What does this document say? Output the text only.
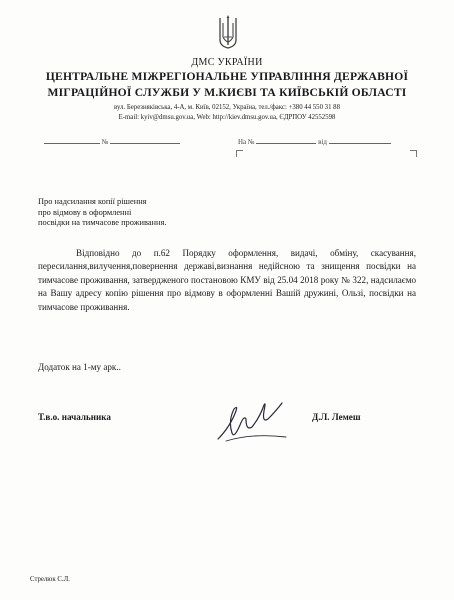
ДМС УКРАЇНИ
ЦЕНТРАЛЬНЕ МІЖРЕГІОНАЛЬНЕ УПРАВЛІННЯ ДЕРЖАВНОЇ
МІГРАЦІЙНОЇ СЛУЖБИ У М.КИЄВІ ТА КИЇВСЬКІЙ ОБЛАСТІ
вул. Березняківська, 4-А, м. Київ, 02152, Україна, тел./факс: +380 44 550 31 88
E-mail: kyiv@dmsu.gov.ua, Web: http://kiev.dmsu.gov.ua, ЄДРПОУ 42552598
№	На №	від
Про надсилання копії рішення
про відмову в оформленні
посвідки на тимчасове проживання.
Відповідно до п.62 Порядку оформлення, видачі, обміну, скасування, пересилання,вилучення,повернення державі,визнання недійсною та знищення посвідки на тимчасове проживання, затвердженого постановою КМУ від 25.04 2018 року № 322, надсилаємо на Вашу адресу копію рішення про відмову в оформленні Вашій дружині, Ользі, посвідки на тимчасове проживання.
Додаток на 1-му арк..
Т.в.о. начальника	Д.Л. Лемеш
Стрелюк С.Л.
